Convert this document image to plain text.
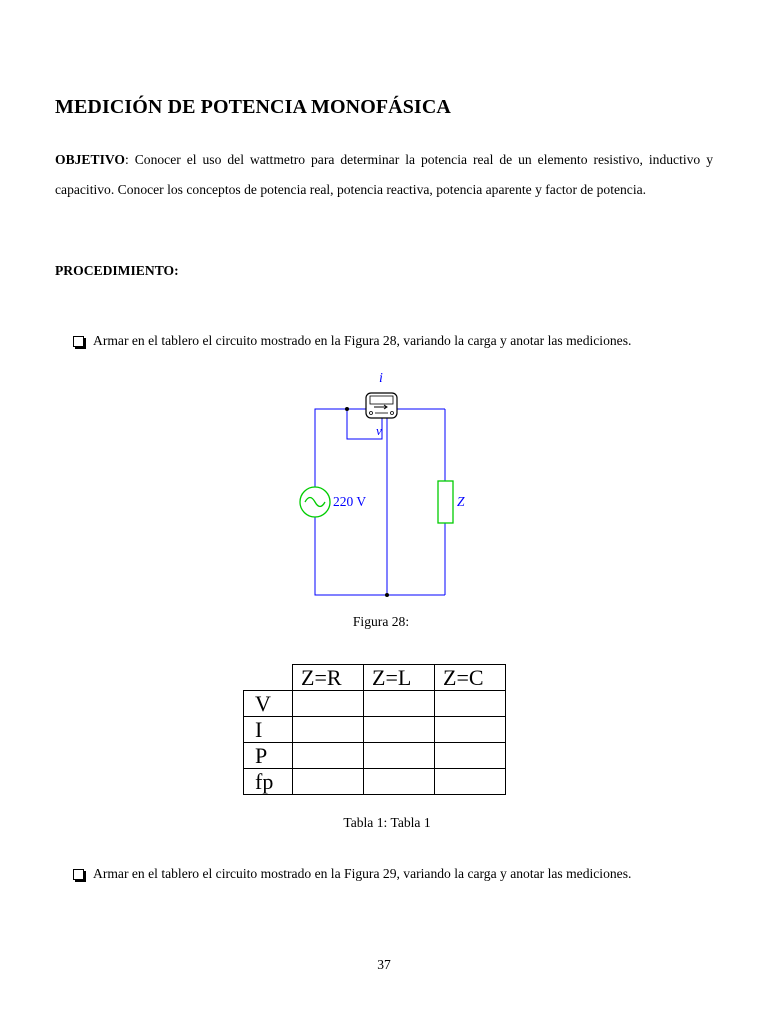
MEDICIÓN DE POTENCIA MONOFÁSICA
OBJETIVO: Conocer el uso del wattmetro para determinar la potencia real de un elemento resistivo, inductivo y capacitivo. Conocer los conceptos de potencia real, potencia reactiva, potencia aparente y factor de potencia.
PROCEDIMIENTO:
Armar en el tablero el circuito mostrado en la Figura 28, variando la carga y anotar las mediciones.
i
v
220 V	Z
Figura 28:
	Z=R	Z=L	Z=C
V			
I			
P			
fp			
Tabla 1: Tabla 1
Armar en el tablero el circuito mostrado en la Figura 29, variando la carga y anotar las mediciones.
37
